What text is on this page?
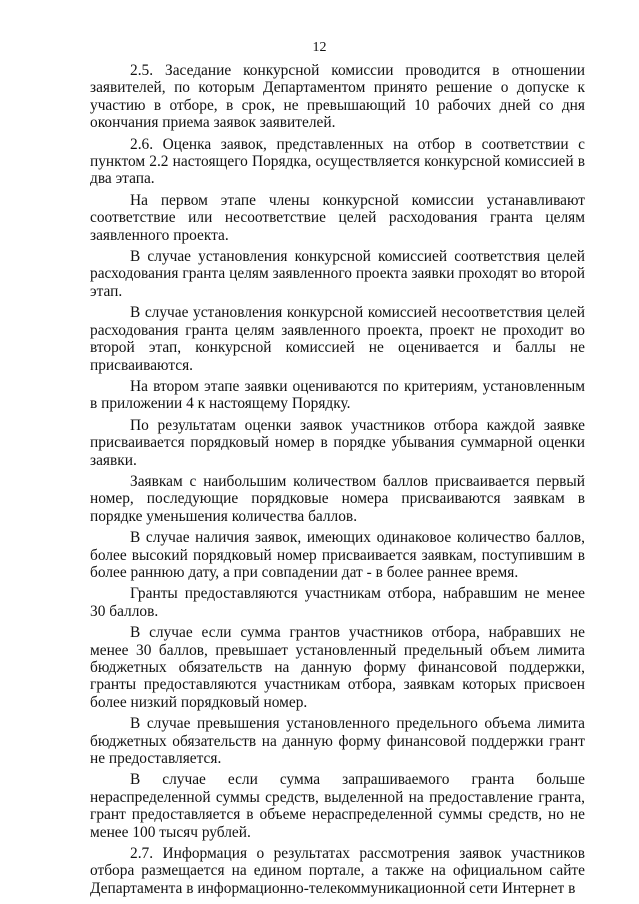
12

2.5. Заседание конкурсной комиссии проводится в отношении заявителей, по которым Департаментом принято решение о допуске к участию в отборе, в срок, не превышающий 10 рабочих дней со дня окончания приема заявок заявителей.

2.6. Оценка заявок, представленных на отбор в соответствии с пунктом 2.2 настоящего Порядка, осуществляется конкурсной комиссией в два этапа.

На первом этапе члены конкурсной комиссии устанавливают соответствие или несоответствие целей расходования гранта целям заявленного проекта.

В случае установления конкурсной комиссией соответствия целей расходования гранта целям заявленного проекта заявки проходят во второй этап.

В случае установления конкурсной комиссией несоответствия целей расходования гранта целям заявленного проекта, проект не проходит во второй этап, конкурсной комиссией не оценивается и баллы не присваиваются.

На втором этапе заявки оцениваются по критериям, установленным в приложении 4 к настоящему Порядку.

По результатам оценки заявок участников отбора каждой заявке присваивается порядковый номер в порядке убывания суммарной оценки заявки.

Заявкам с наибольшим количеством баллов присваивается первый номер, последующие порядковые номера присваиваются заявкам в порядке уменьшения количества баллов.

В случае наличия заявок, имеющих одинаковое количество баллов, более высокий порядковый номер присваивается заявкам, поступившим в более раннюю дату, а при совпадении дат - в более раннее время.

Гранты предоставляются участникам отбора, набравшим не менее 30 баллов.

В случае если сумма грантов участников отбора, набравших не менее 30 баллов, превышает установленный предельный объем лимита бюджетных обязательств на данную форму финансовой поддержки, гранты предоставляются участникам отбора, заявкам которых присвоен более низкий порядковый номер.

В случае превышения установленного предельного объема лимита бюджетных обязательств на данную форму финансовой поддержки грант не предоставляется.

В случае если сумма запрашиваемого гранта больше нераспределенной суммы средств, выделенной на предоставление гранта, грант предоставляется в объеме нераспределенной суммы средств, но не менее 100 тысяч рублей.

2.7. Информация о результатах рассмотрения заявок участников отбора размещается на едином портале, а также на официальном сайте Департамента в информационно-телекоммуникационной сети Интернет в
